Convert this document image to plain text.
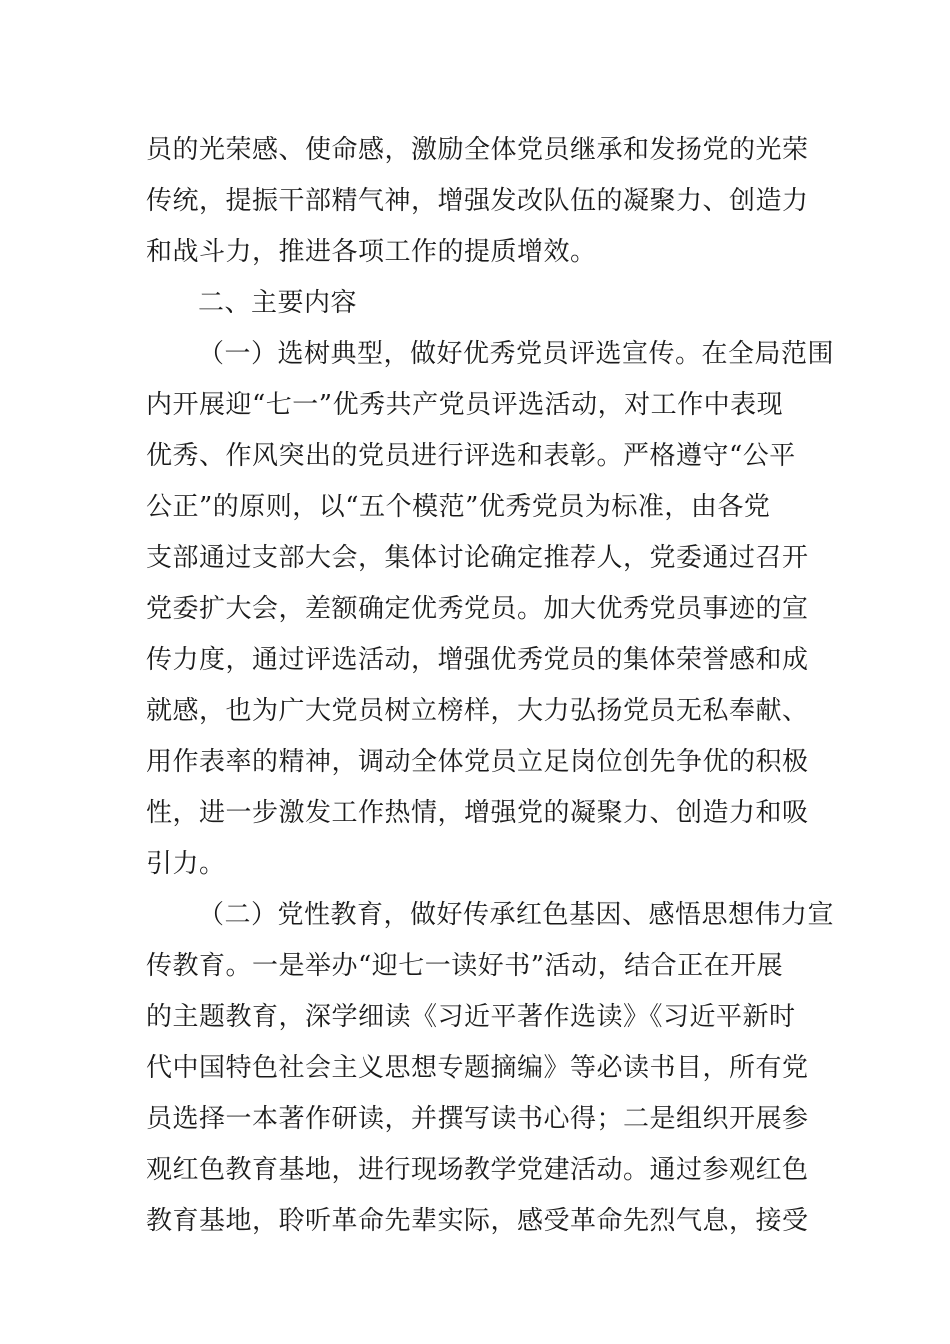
员的光荣感、使命感，激励全体党员继承和发扬党的光荣
传统，提振干部精气神，增强发改队伍的凝聚力、创造力
和战斗力，推进各项工作的提质增效。
二、主要内容
（一）选树典型，做好优秀党员评选宣传。在全局范围
内开展迎“七一”优秀共产党员评选活动，对工作中表现
优秀、作风突出的党员进行评选和表彰。严格遵守“公平
公正”的原则，以“五个模范”优秀党员为标准，由各党
支部通过支部大会，集体讨论确定推荐人，党委通过召开
党委扩大会，差额确定优秀党员。加大优秀党员事迹的宣
传力度，通过评选活动，增强优秀党员的集体荣誉感和成
就感，也为广大党员树立榜样，大力弘扬党员无私奉献、
用作表率的精神，调动全体党员立足岗位创先争优的积极
性，进一步激发工作热情，增强党的凝聚力、创造力和吸
引力。
（二）党性教育，做好传承红色基因、感悟思想伟力宣
传教育。一是举办“迎七一读好书”活动，结合正在开展
的主题教育，深学细读《习近平著作选读》《习近平新时
代中国特色社会主义思想专题摘编》等必读书目，所有党
员选择一本著作研读，并撰写读书心得；二是组织开展参
观红色教育基地，进行现场教学党建活动。通过参观红色
教育基地，聆听革命先辈实际，感受革命先烈气息，接受
